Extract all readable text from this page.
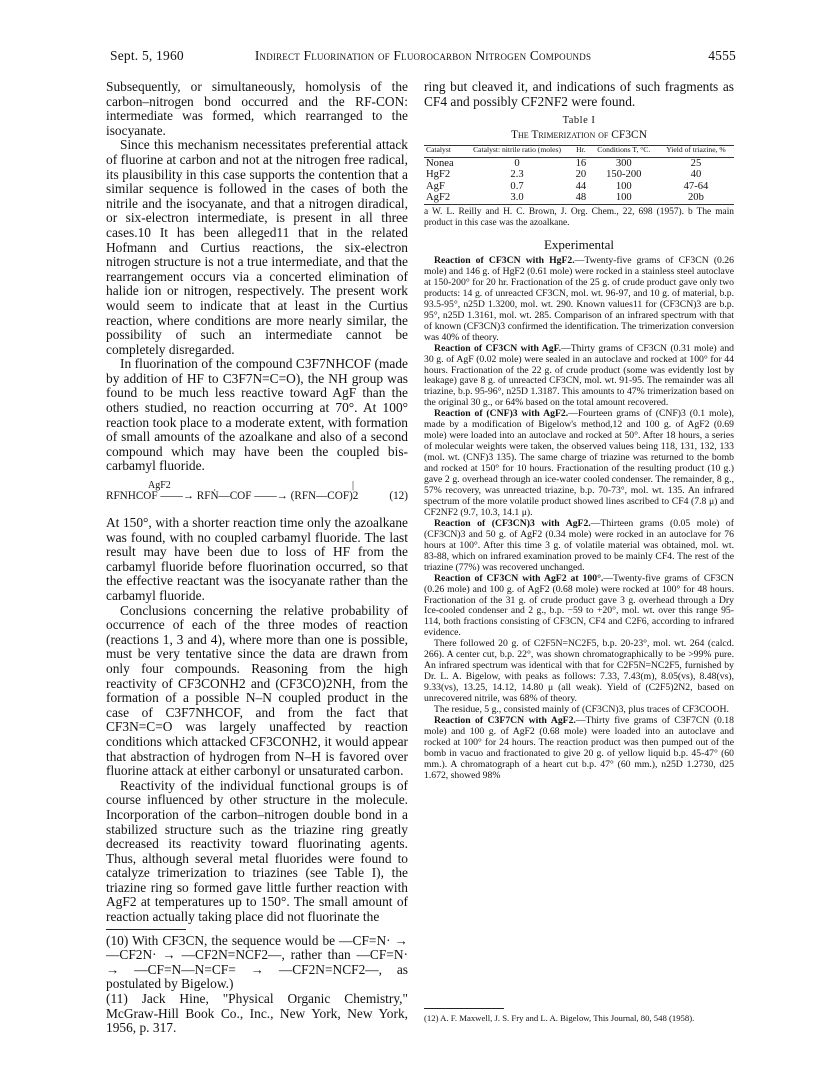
Sept. 5, 1960	Indirect Fluorination of Fluorocarbon Nitrogen Compounds	4555

Subsequently, or simultaneously, homolysis of the carbon–nitrogen bond occurred and the RF-CON: intermediate was formed, which rearranged to the isocyanate.

Since this mechanism necessitates preferential attack of fluorine at carbon and not at the nitrogen free radical, its plausibility in this case supports the contention that a similar sequence is followed in the cases of both the nitrile and the isocyanate, and that a nitrogen diradical, or six-electron intermediate, is present in all three cases.10 It has been alleged11 that in the related Hofmann and Curtius reactions, the six-electron nitrogen structure is not a true intermediate, and that the rearrangement occurs via a concerted elimination of halide ion or nitrogen, respectively. The present work would seem to indicate that at least in the Curtius reaction, where conditions are more nearly similar, the possibility of such an intermediate cannot be completely disregarded.

In fluorination of the compound C3F7NHCOF (made by addition of HF to C3F7N=C=O), the NH group was found to be much less reactive toward AgF than the others studied, no reaction occurring at 70°. At 100° reaction took place to a moderate extent, with formation of small amounts of the azoalkane and also of a second compound which may have been the coupled bis-carbamyl fluoride.

AgF2	|
RFNHCOF ——→ RFṄ—COF ——→ (RFN—COF)2	(12)

At 150°, with a shorter reaction time only the azoalkane was found, with no coupled carbamyl fluoride. The last result may have been due to loss of HF from the carbamyl fluoride before fluorination occurred, so that the effective reactant was the isocyanate rather than the carbamyl fluoride.

Conclusions concerning the relative probability of occurrence of each of the three modes of reaction (reactions 1, 3 and 4), where more than one is possible, must be very tentative since the data are drawn from only four compounds. Reasoning from the high reactivity of CF3CONH2 and (CF3CO)2NH, from the formation of a possible N–N coupled product in the case of C3F7NHCOF, and from the fact that CF3N=C=O was largely unaffected by reaction conditions which attacked CF3CONH2, it would appear that abstraction of hydrogen from N–H is favored over fluorine attack at either carbonyl or unsaturated carbon.

Reactivity of the individual functional groups is of course influenced by other structure in the molecule. Incorporation of the carbon–nitrogen double bond in a stabilized structure such as the triazine ring greatly decreased its reactivity toward fluorinating agents. Thus, although several metal fluorides were found to catalyze trimerization to triazines (see Table I), the triazine ring so formed gave little further reaction with AgF2 at temperatures up to 150°. The small amount of reaction actually taking place did not fluorinate the

(10) With CF3CN, the sequence would be —CF=N· → —CF2N· → —CF2N=NCF2—, rather than —CF=N· → —CF=N—N=CF= → —CF2N=NCF2—, as postulated by Bigelow.)

(11) Jack Hine, "Physical Organic Chemistry," McGraw-Hill Book Co., Inc., New York, New York, 1956, p. 317.

ring but cleaved it, and indications of such fragments as CF4 and possibly CF2NF2 were found.

Table I
The Trimerization of CF3CN
Catalyst	Catalyst: nitrile ratio (moles)	Hr.	Conditions T, °C.	Yield of triazine, %
Nonea	0	16	300	25
HgF2	2.3	20	150-200	40
AgF	0.7	44	100	47-64
AgF2	3.0	48	100	20b

a W. L. Reilly and H. C. Brown, J. Org. Chem., 22, 698 (1957). b The main product in this case was the azoalkane.

Experimental

Reaction of CF3CN with HgF2.—Twenty-five grams of CF3CN (0.26 mole) and 146 g. of HgF2 (0.61 mole) were rocked in a stainless steel autoclave at 150-200° for 20 hr. Fractionation of the 25 g. of crude product gave only two products: 14 g. of unreacted CF3CN, mol. wt. 96-97, and 10 g. of material, b.p. 93.5-95°, n25D 1.3200, mol. wt. 290. Known values11 for (CF3CN)3 are b.p. 95°, n25D 1.3161, mol. wt. 285. Comparison of an infrared spectrum with that of known (CF3CN)3 confirmed the identification. The trimerization conversion was 40% of theory.

Reaction of CF3CN with AgF.—Thirty grams of CF3CN (0.31 mole) and 30 g. of AgF (0.02 mole) were sealed in an autoclave and rocked at 100° for 44 hours. Fractionation of the 22 g. of crude product (some was evidently lost by leakage) gave 8 g. of unreacted CF3CN, mol. wt. 91-95. The remainder was all triazine, b.p. 95-96°, n25D 1.3187. This amounts to 47% trimerization based on the original 30 g., or 64% based on the total amount recovered.

Reaction of (CNF)3 with AgF2.—Fourteen grams of (CNF)3 (0.1 mole), made by a modification of Bigelow's method,12 and 100 g. of AgF2 (0.69 mole) were loaded into an autoclave and rocked at 50°. After 18 hours, a series of molecular weights were taken, the observed values being 118, 131, 132, 133 (mol. wt. (CNF)3 135). The same charge of triazine was returned to the bomb and rocked at 150° for 10 hours. Fractionation of the resulting product (10 g.) gave 2 g. overhead through an ice-water cooled condenser. The remainder, 8 g., 57% recovery, was unreacted triazine, b.p. 70-73°, mol. wt. 135. An infrared spectrum of the more volatile product showed lines ascribed to CF4 (7.8 μ) and CF2NF2 (9.7, 10.3, 14.1 μ).

Reaction of (CF3CN)3 with AgF2.—Thirteen grams (0.05 mole) of (CF3CN)3 and 50 g. of AgF2 (0.34 mole) were rocked in an autoclave for 76 hours at 100°. After this time 3 g. of volatile material was obtained, mol. wt. 83-88, which on infrared examination proved to be mainly CF4. The rest of the triazine (77%) was recovered unchanged.

Reaction of CF3CN with AgF2 at 100°.—Twenty-five grams of CF3CN (0.26 mole) and 100 g. of AgF2 (0.68 mole) were rocked at 100° for 48 hours. Fractionation of the 31 g. of crude product gave 3 g. overhead through a Dry Ice-cooled condenser and 2 g., b.p. −59 to +20°, mol. wt. over this range 95-114, both fractions consisting of CF3CN, CF4 and C2F6, according to infrared evidence.

There followed 20 g. of C2F5N=NC2F5, b.p. 20-23°, mol. wt. 264 (calcd. 266). A center cut, b.p. 22°, was shown chromatographically to be >99% pure. An infrared spectrum was identical with that for C2F5N=NC2F5, furnished by Dr. L. A. Bigelow, with peaks as follows: 7.33, 7.43(m), 8.05(vs), 8.48(vs), 9.33(vs), 13.25, 14.12, 14.80 μ (all weak). Yield of (C2F5)2N2, based on unrecovered nitrile, was 68% of theory.

The residue, 5 g., consisted mainly of (CF3CN)3, plus traces of CF3COOH.

Reaction of C3F7CN with AgF2.—Thirty five grams of C3F7CN (0.18 mole) and 100 g. of AgF2 (0.68 mole) were loaded into an autoclave and rocked at 100° for 24 hours. The reaction product was then pumped out of the bomb in vacuo and fractionated to give 20 g. of yellow liquid b.p. 45-47° (60 mm.). A chromatograph of a heart cut b.p. 47° (60 mm.), n25D 1.2730, d25 1.672, showed 98%

(12) A. F. Maxwell, J. S. Fry and L. A. Bigelow, This Journal, 80, 548 (1958).
